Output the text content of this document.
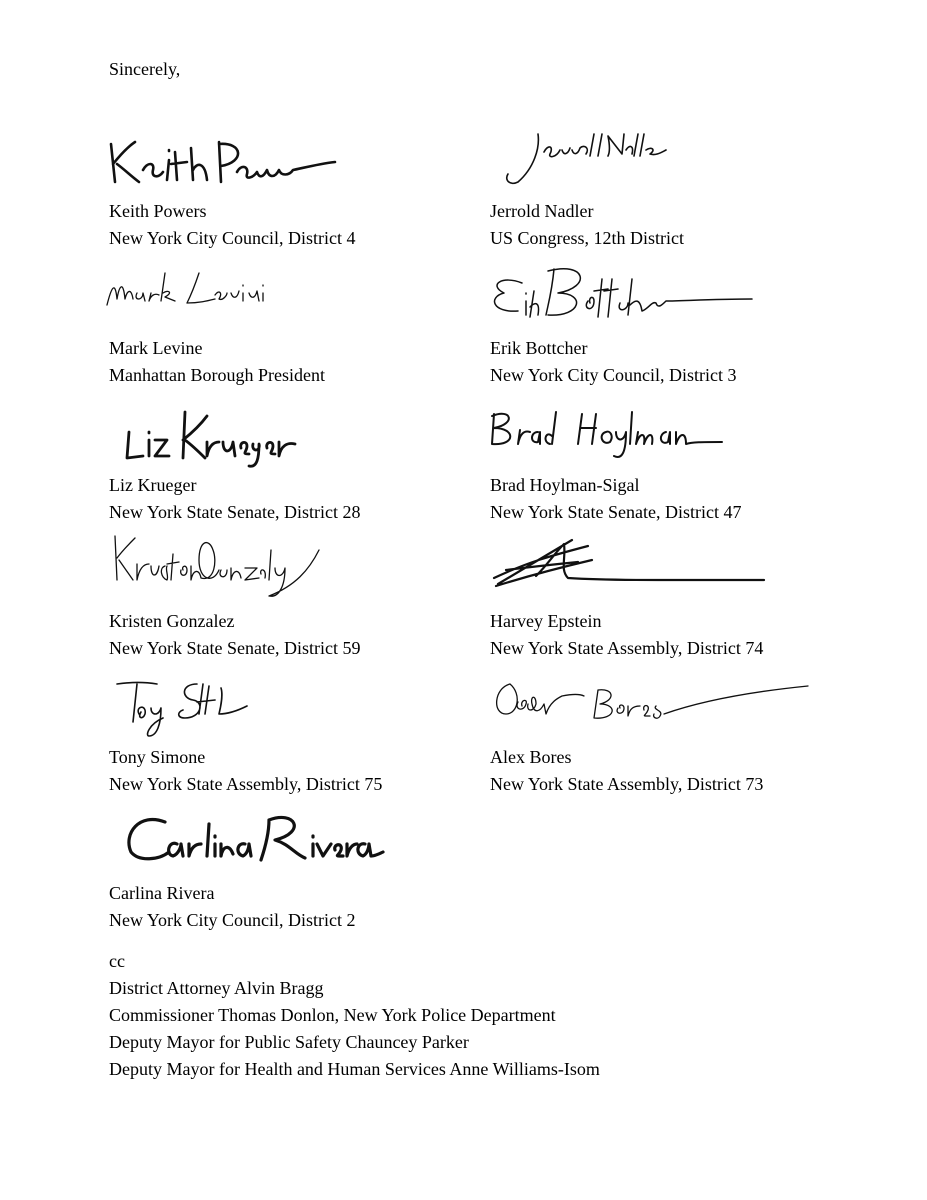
Sincerely,
Keith Powers
New York City Council, District 4
Jerrold Nadler
US Congress, 12th District
Mark Levine
Manhattan Borough President
Erik Bottcher
New York City Council, District 3
Liz Krueger
New York State Senate, District 28
Brad Hoylman-Sigal
New York State Senate, District 47
Kristen Gonzalez
New York State Senate, District 59
Harvey Epstein
New York State Assembly, District 74
Tony Simone
New York State Assembly, District 75
Alex Bores
New York State Assembly, District 73
Carlina Rivera
New York City Council, District 2
cc
District Attorney Alvin Bragg
Commissioner Thomas Donlon, New York Police Department
Deputy Mayor for Public Safety Chauncey Parker
Deputy Mayor for Health and Human Services Anne Williams-Isom
